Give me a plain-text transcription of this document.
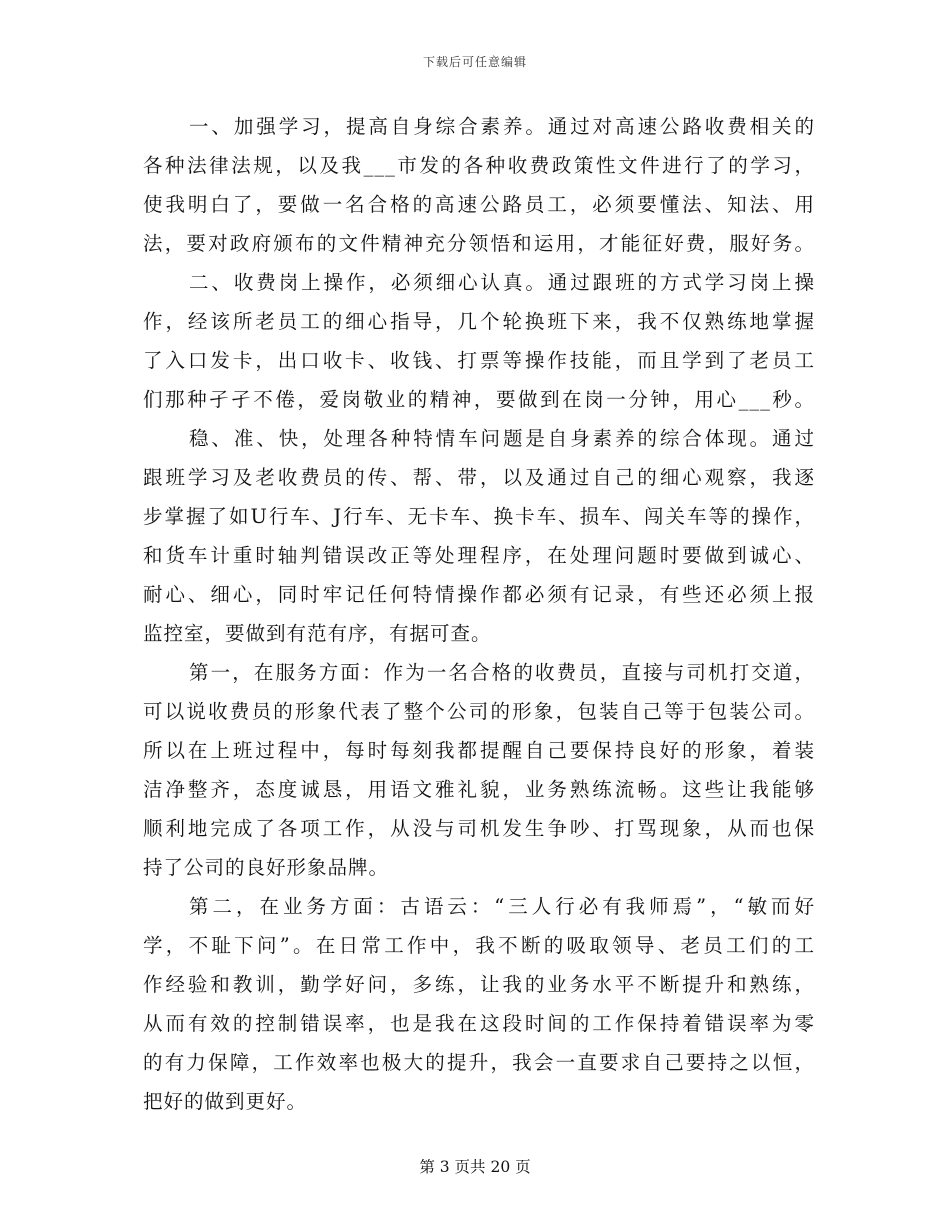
下载后可任意编辑
一、加强学习，提高自身综合素养。通过对高速公路收费相关的
各种法律法规，以及我___市发的各种收费政策性文件进行了的学习，
使我明白了，要做一名合格的高速公路员工，必须要懂法、知法、用
法，要对政府颁布的文件精神充分领悟和运用，才能征好费，服好务。
二、收费岗上操作，必须细心认真。通过跟班的方式学习岗上操
作，经该所老员工的细心指导，几个轮换班下来，我不仅熟练地掌握
了入口发卡，出口收卡、收钱、打票等操作技能，而且学到了老员工
们那种孑孑不倦，爱岗敬业的精神，要做到在岗一分钟，用心___秒。
稳、准、快，处理各种特情车问题是自身素养的综合体现。通过
跟班学习及老收费员的传、帮、带，以及通过自己的细心观察，我逐
步掌握了如U行车、J行车、无卡车、换卡车、损车、闯关车等的操作，
和货车计重时轴判错误改正等处理程序，在处理问题时要做到诚心、
耐心、细心，同时牢记任何特情操作都必须有记录，有些还必须上报
监控室，要做到有范有序，有据可查。
第一，在服务方面：作为一名合格的收费员，直接与司机打交道，
可以说收费员的形象代表了整个公司的形象，包装自己等于包装公司。
所以在上班过程中，每时每刻我都提醒自己要保持良好的形象，着装
洁净整齐，态度诚恳，用语文雅礼貌，业务熟练流畅。这些让我能够
顺利地完成了各项工作，从没与司机发生争吵、打骂现象，从而也保
持了公司的良好形象品牌。
第二，在业务方面：古语云：“三人行必有我师焉”，“敏而好
学，不耻下问”。在日常工作中，我不断的吸取领导、老员工们的工
作经验和教训，勤学好问，多练，让我的业务水平不断提升和熟练，
从而有效的控制错误率，也是我在这段时间的工作保持着错误率为零
的有力保障，工作效率也极大的提升，我会一直要求自己要持之以恒，
把好的做到更好。
第 3 页共 20 页
